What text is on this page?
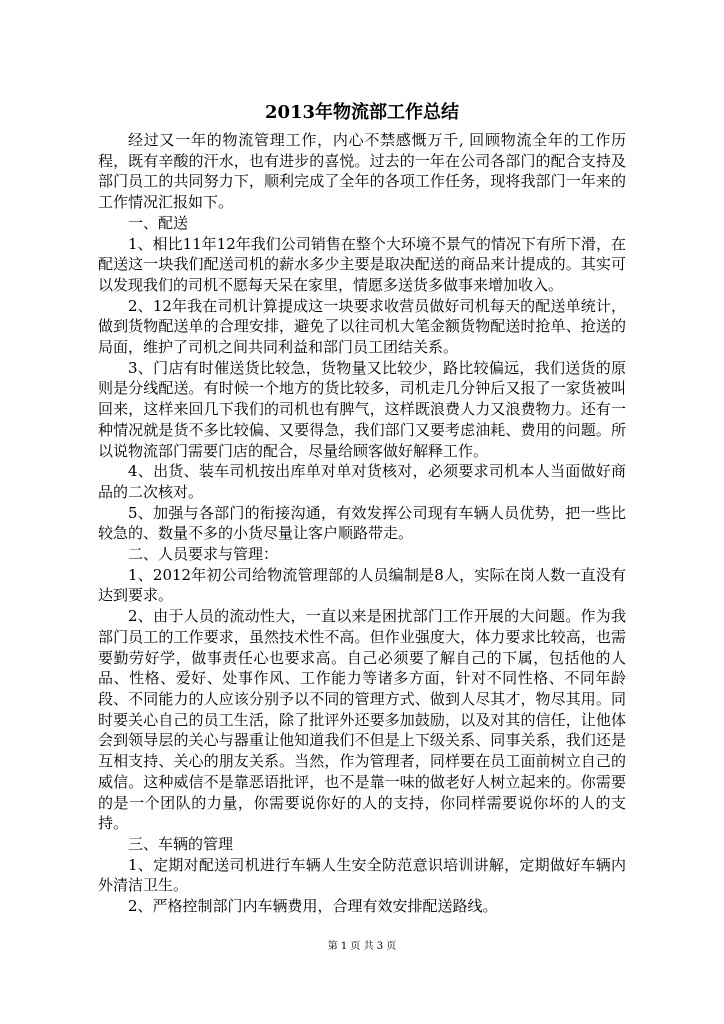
2013年物流部工作总结

经过又一年的物流管理工作，内心不禁感慨万千, 回顾物流全年的工作历程，既有辛酸的汗水，也有进步的喜悦。过去的一年在公司各部门的配合支持及部门员工的共同努力下，顺利完成了全年的各项工作任务，现将我部门一年来的工作情况汇报如下。

一、配送

1、相比11年12年我们公司销售在整个大环境不景气的情况下有所下滑，在配送这一块我们配送司机的薪水多少主要是取决配送的商品来计提成的。其实可以发现我们的司机不愿每天呆在家里，情愿多送货多做事来增加收入。

2、12年我在司机计算提成这一块要求收营员做好司机每天的配送单统计，做到货物配送单的合理安排，避免了以往司机大笔金额货物配送时抢单、抢送的局面，维护了司机之间共同利益和部门员工团结关系。

3、门店有时催送货比较急，货物量又比较少，路比较偏远，我们送货的原则是分线配送。有时候一个地方的货比较多，司机走几分钟后又报了一家货被叫回来，这样来回几下我们的司机也有脾气，这样既浪费人力又浪费物力。还有一种情况就是货不多比较偏、又要得急，我们部门又要考虑油耗、费用的问题。所以说物流部门需要门店的配合，尽量给顾客做好解释工作。

4、出货、装车司机按出库单对单对货核对，必须要求司机本人当面做好商品的二次核对。

5、加强与各部门的衔接沟通，有效发挥公司现有车辆人员优势，把一些比较急的、数量不多的小货尽量让客户顺路带走。

二、人员要求与管理：

1、2012年初公司给物流管理部的人员编制是8人，实际在岗人数一直没有达到要求。

2、由于人员的流动性大，一直以来是困扰部门工作开展的大问题。作为我部门员工的工作要求，虽然技术性不高。但作业强度大，体力要求比较高，也需要勤劳好学，做事责任心也要求高。自己必须要了解自己的下属，包括他的人品、性格、爱好、处事作风、工作能力等诸多方面，针对不同性格、不同年龄段、不同能力的人应该分别予以不同的管理方式、做到人尽其才，物尽其用。同时要关心自己的员工生活，除了批评外还要多加鼓励，以及对其的信任，让他体会到领导层的关心与器重让他知道我们不但是上下级关系、同事关系，我们还是互相支持、关心的朋友关系。当然，作为管理者，同样要在员工面前树立自己的威信。这种威信不是靠恶语批评，也不是靠一味的做老好人树立起来的。你需要的是一个团队的力量，你需要说你好的人的支持，你同样需要说你坏的人的支持。

三、车辆的管理

1、定期对配送司机进行车辆人生安全防范意识培训讲解，定期做好车辆内外清洁卫生。

2、严格控制部门内车辆费用，合理有效安排配送路线。

第 1 页 共 3 页
